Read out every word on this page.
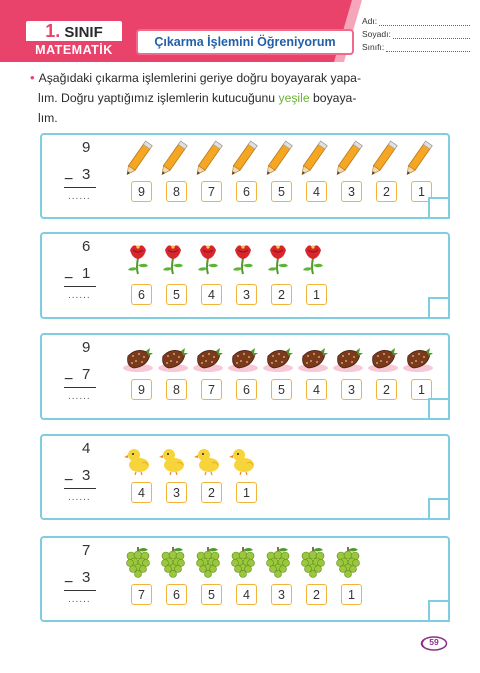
1. SINIF
MATEMATİK
Çıkarma İşlemini Öğreniyorum
Adı:
Soyadı:
Sınıfı:
• Aşağıdaki çıkarma işlemlerini geriye doğru boyayarak yapa-
lım. Doğru yaptığımız işlemlerin kutucuğunu yeşile boyaya-
lım.
9
− 3
......	9	8	7	6	5	4	3	2	1
6
− 1
......	6	5	4	3	2	1
9
− 7
......	9	8	7	6	5	4	3	2	1
4
− 3
......	4	3	2	1
7
− 3
......	7	6	5	4	3	2	1
59
